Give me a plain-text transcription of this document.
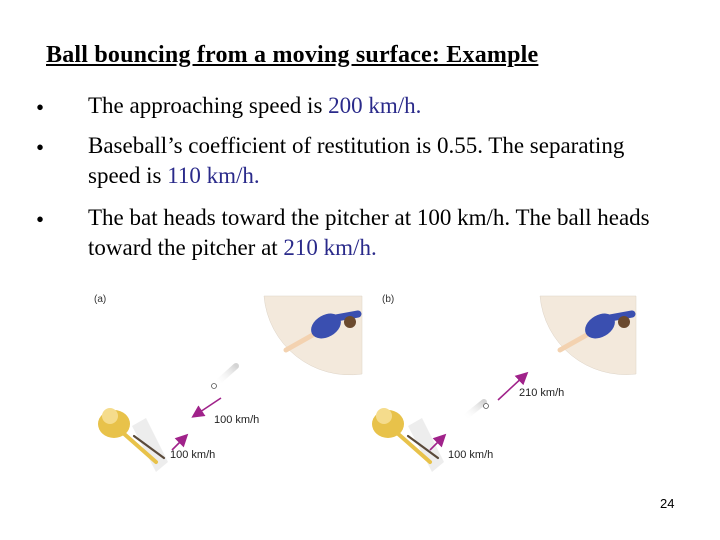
Ball bouncing from a moving surface: Example
• The approaching speed is 200 km/h.
• Baseball’s coefficient of restitution is 0.55. The separating speed is 110 km/h.
• The bat heads toward the pitcher at 100 km/h. The ball heads toward the pitcher at 210 km/h.
(a)
100 km/h
100 km/h
(b)
210 km/h
100 km/h
24
